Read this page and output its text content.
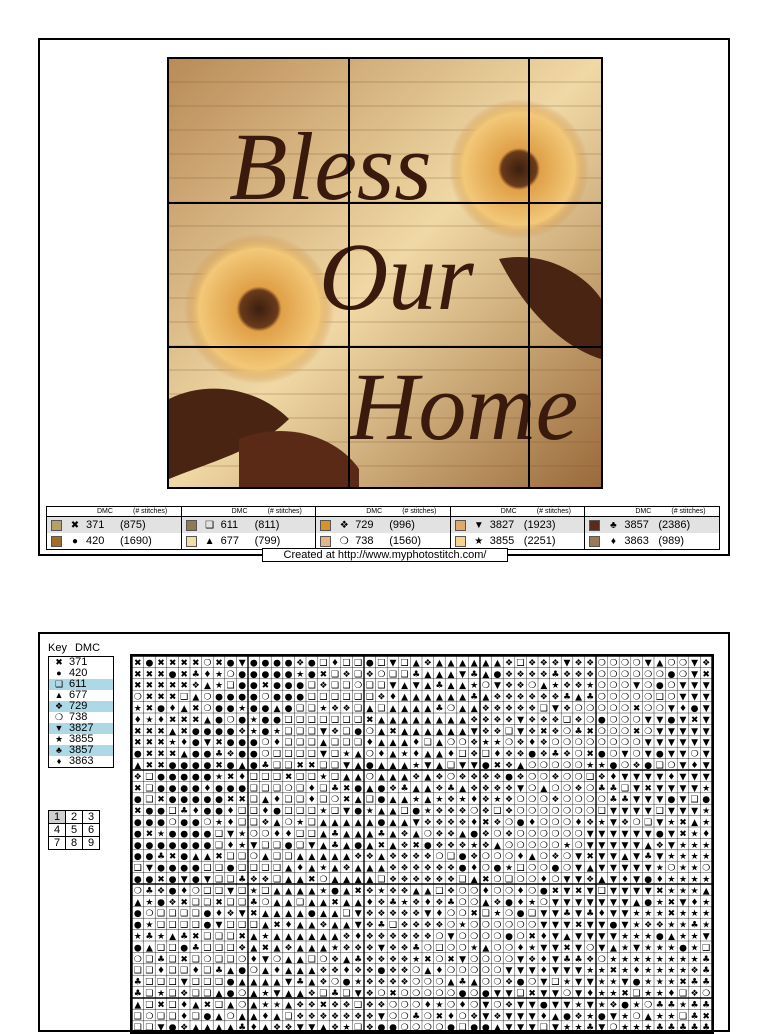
Bless
Our
Home
DMC	(# stitches)
✖ 371	(875)
● 420	(1690)
DMC	(# stitches)
❑ 611	(811)
▲ 677	(799)
DMC	(# stitches)
❖ 729	(996)
❍ 738	(1560)
DMC	(# stitches)
▼ 3827 (1923)
★ 3855 (2251)
DMC	(# stitches)
♣ 3857 (2386)
♦ 3863 (989)
Created at http://www.myphotostitch.com/
Key DMC
✖ 371
● 420
❑ 611
▲ 677
❖ 729
❍ 738
▼ 3827
★ 3855
♣ 3857
♦ 3863
1	2	3
4	5	6
7	8	9
✖ ● ✖ ✖ ✖ ✖ ❍ ✖ ● ▼ ● ● ● ● ❖ ● ❑ ♦ ❑ ❑ ● ❑ ▼ ❑ ▲ ❖ ▲ ▲ ▲ ▲ ▲ ▲ ❖ ❑ ❖ ❖ ❖ ▼ ❖ ❖ ❍ ❍ ❍ ❍ ▼ ▲ ❍ ❍ ▼ ❖
✖ ✖ ✖ ● ✖ ♣ ♦ ★ ❍ ● ● ● ● ● ★ ● ✖ ❑ ❖ ❑ ❖ ❍ ❑ ❑ ♣ ▲ ▲ ▲ ▼ ♣ ▲ ● ❖ ❖ ❖ ❖ ♣ ❖ ❖ ❖ ❍ ❍ ❍ ❍ ❍ ❍ ● ❍ ▼ ✖
✖ ✖ ✖ ✖ ✖ ❖ ▲ ★ ❑ ● ● ✖ ● ● ● ❑ ❖ ❑ ❑ ❍ ❑ ❑ ▼ ▲ ▼ ▲ ♣ ▲ ▲ ★ ❍ ▼ ❖ ❖ ❍ ▲ ★ ❖ ❖ ★ ❍ ❍ ❍ ▼ ❍ ● ❍ ▼ ▼ ▼
❍ ✖ ✖ ✖ ❑ ▲ ❍ ● ● ● ● ❍ ● ● ● ❑ ❑ ❑ ❑ ❑ ❑ ❖ ♦ ▲ ▲ ▲ ▲ ▲ ▲ ♣ ▲ ❖ ❖ ❖ ❖ ❖ ❖ ♣ ▲ ♣ ❍ ❍ ❍ ❍ ❍ ❑ ❍ ▼ ▼ ▼
★ ✖ ● ♦ ▲ ✖ ❍ ● ● ★ ● ● ▲ ● ❑ ❑ ★ ❖ ❖ ❑ ▲ ❑ ▲ ▲ ▲ ▲ ♣ ❍ ▲ ▲ ❖ ❖ ❖ ❖ ❖ ❑ ▼ ❖ ❍ ❍ ❍ ❍ ❍ ✖ ❍ ❍ ▼ ♦ ● ▼
♦ ★ ♦ ✖ ✖ ✖ ▲ ● ❍ ● ★ ● ● ❑ ❑ ❑ ❑ ❑ ❑ ❑ ✖ ▲ ▲ ▲ ▲ ▲ ▲ ▲ ▲ ❖ ❖ ❖ ❖ ▼ ❖ ❖ ❖ ❑ ❖ ❍ ● ❍ ❍ ❍ ▼ ▼ ● ▼ ✖ ▼
✖ ✖ ✖ ▲ ✖ ● ● ● ● ❖ ★ ● ★ ❑ ❑ ❑ ▼ ❖ ❑ ● ❍ ▲ ✖ ▲ ▲ ▲ ▲ ▲ ▲ ▼ ❖ ❖ ❑ ▼ ❖ ✖ ❖ ❍ ♣ ✖ ❍ ❍ ❍ ✖ ❍ ▼ ▼ ▼ ▼ ▼
✖ ✖ ✖ ★ ♦ ● ▼ ✖ ● ● ● ❍ ♦ ❑ ❑ ❑ ▲ ❑ ❑ ❑ ♦ ▲ ▲ ▲ ♦ ❑ ▲ ❍ ❍ ❖ ★ ★ ❍ ❖ ♦ ❖ ❍ ❍ ❍ ❍ ❍ ❍ ❍ ❍ ▼ ▼ ▼ ▼ ▼ ▼
● ✖ ✖ ✖ ▲ ● ● ♣ ❖ ● ● ❍ ❑ ❑ ❑ ❑ ▼ ❑ ★ ▲ ❍ ♦ ▲ ★ ♦ ▲ ▲ ♦ ❑ ❖ ❑ ♦ ❖ ❖ ● ❖ ♣ ❖ ❍ ✖ ● ❍ ▼ ❍ ▼ ● ▼ ▼ ❍ ▼
▲ ✖ ✖ ● ● ● ● ✖ ● ▲ ● ♣ ❑ ❑ ✖ ✖ ❑ ❑ ▼ ▲ ● ▲ ▲ ▲ ★ ▼ ▲ ❑ ▼ ▼ ● ✖ ❖ ▲ ❍ ❍ ❍ ❍ ❍ ★ ★ ● ❍ ❖ ● ❑ ❍ ▼ ♦ ▼
❖ ❑ ● ● ● ● ● ★ ✖ ♦ ❑ ❑ ❑ ✖ ❑ ❑ ★ ❑ ▲ ▲ ❍ ▲ ▲ ▲ ❖ ▲ ❖ ❍ ❖ ❖ ❖ ❖ ● ❖ ❍ ❍ ❖ ❍ ❍ ❑ ❖ ♦ ▼ ▼ ▼ ▼ ♦ ▼ ▼ ▼
✖ ❑ ● ● ● ● ♦ ● ● ● ❑ ❑ ❑ ❍ ❑ ♦ ❑ ♣ ✖ ● ▲ ● ❖ ♣ ▲ ▲ ❖ ♣ ▲ ❖ ❖ ❖ ❖ ▼ ❍ ▲ ❍ ❍ ❖ ❍ ♣ ♣ ❑ ▼ ✖ ▼ ▼ ▼ ▼ ★
● ❑ ✖ ● ● ● ● ● ✖ ✖ ❑ ▲ ♦ ❑ ❑ ♦ ❑ ❍ ✖ ▲ ❑ ● ▲ ▲ ★ ▲ ★ ❖ ★ ♦ ❖ ★ ❖ ❍ ❍ ❍ ❖ ❍ ❍ ❍ ❍ ♣ ♣ ▼ ▼ ▼ ● ▼ ❑ ●
✖ ● ● ❑ ♣ ♦ ● ● ♦ ❑ ❑ ♦ ● ❑ ❑ ❑ ★ ❑ ▼ ● ★ ▲ ▲ ❑ ● ★ ❖ ❖ ❖ ❍ ❖ ❑ ❖ ❍ ❍ ❍ ❍ ❍ ❍ ❍ ❑ ▼ ▼ ▼ ▼ ❑ ▼ ▼ ▼ ★
● ● ● ❍ ● ● ❍ ★ ♦ ❑ ❑ ❖ ▲ ❍ ★ ❑ ▲ ▲ ▲ ▲ ▲ ● ▲ ▲ ▼ ❖ ❖ ❖ ❖ ♦ ✖ ❖ ❍ ● ♦ ❍ ❍ ❍ ♦ ❖ ★ ▼ ❖ ❍ ❑ ▼ ★ ✖ ▲ ★
● ✖ ★ ● ● ● ● ❑ ▼ ★ ❍ ❍ ♦ ♦ ❑ ❑ ▲ ♣ ▲ ▲ ▲ ♣ ▲ ❖ ▲ ❍ ❖ ❖ ▲ ● ❖ ❍ ❖ ❍ ❍ ❍ ❍ ❍ ❍ ▼ ▼ ▼ ▼ ▼ ▼ ● ▼ ✖ ★ ♦
● ● ● ● ● ● ● ❑ ♦ ★ ▼ ❑ ❑ ● ❑ ▼ ▲ ♣ ▲ ● ▲ ✖ ▲ ❖ ✖ ● ❖ ❖ ❖ ★ ❖ ▲ ❍ ❍ ❍ ❍ ❍ ★ ❍ ▼ ▼ ▼ ▼ ▼ ▲ ❖ ▼ ★ ★ ★
● ● ♣ ✖ ● ▲ ▲ ✖ ❑ ❑ ❍ ▲ ❑ ❑ ▲ ▲ ▲ ▲ ▲ ❖ ❖ ▲ ❖ ❖ ❖ ❖ ❍ ❑ ● ❖ ❍ ❍ ❍ ♦ ▲ ❍ ❖ ❍ ▼ ✖ ▼ ▼ ▲ ▼ ♣ ▼ ★ ★ ★ ★
❑ ▼ ● ● ● ● ❑ ❑ ● ❑ ❑ ❑ ❑ ▲ ♦ ▲ ★ ▲ ❖ ▲ ▲ ▲ ❖ ❖ ❖ ❖ ❖ ❖ ● ♦ ❍ ● ★ ❑ ❍ ❍ ● ❍ ▼ ▲ ▼ ▼ ▼ ▼ ▼ ★ ❍ ★ ★ ❍
● ● ✖ ● ▼ ● ▼ ❑ ❑ ♣ ❖ ❖ ❑ ▲ ▲ ✖ ❍ ▲ ▲ ▲ ▲ ❑ ❖ ❖ ❖ ❖ ❖ ❖ ❑ ▲ ✖ ❍ ❑ ❍ ❍ ♦ ❍ ▼ ▼ ❖ ▲ ▼ ♦ ▼ ● ♦ ★ ★ ★ ★
❍ ♣ ❖ ● ♦ ❍ ❑ ❑ ▼ ❑ ★ ❑ ▲ ▲ ▲ ▲ ★ ● ▲ ✖ ❖ ★ ❖ ❖ ▲ ▲ ❑ ❖ ❍ ❍ ♦ ❍ ❍ ♦ ❍ ● ✖ ▼ ✖ ▼ ❑ ▼ ▼ ▼ ▼ ✖ ★ ★ ★ ▲
▲ ★ ● ❖ ✖ ❑ ❑ ✖ ❑ ❑ ♣ ❍ ▲ ▲ ❑ ▲ ▲ ✖ ▲ ▲ ♦ ❖ ♣ ★ ❖ ♦ ❖ ♣ ❍ ❍ ▲ ❖ ● ♦ ★ ❍ ▼ ▼ ▼ ▼ ▼ ▼ ▼ ▲ ● ★ ✖ ▼ ♦ ★
● ❍ ❑ ❑ ❑ ❑ ● ♦ ❖ ▼ ✖ ▲ ▲ ▲ ▲ ● ▲ ▲ ❑ ▼ ❖ ❖ ❖ ❖ ❖ ▼ ♦ ❍ ❍ ✖ ❑ ★ ❍ ● ❑ ▼ ▼ ♣ ▼ ♣ ♦ ▼ ▼ ★ ★ ★ ✖ ★ ★ ★
● ★ ❑ ❑ ❑ ❑ ● ▼ ❑ ❑ ❑ ▲ ✖ ♦ ▲ ▲ ❖ ▲ ▲ ▼ ❖ ♣ ❑ ❖ ❖ ❖ ❖ ❍ ★ ❍ ❍ ❍ ❍ ❍ ❍ ▼ ▼ ▼ ✖ ▼ ▼ ● ▼ ★ ❖ ❖ ★ ★ ♣ ★
★ ♣ ★ ▲ ♣ ✖ ❑ ❑ ❑ ✖ ▲ ★ ▲ ▲ ▲ ▲ ▲ ▲ ❖ ♦ ❖ ❖ ❖ ❖ ❖ ❖ ❍ ▼ ❍ ❍ ❍ ❍ ● ❍ ✖ ♦ ▼ ▲ ▼ ▼ ▼ ▼ ★ ★ ★ ● ▲ ★ ★ ▼
● ▲ ❑ ❑ ● ♣ ❑ ❑ ❑ ❖ ▲ ✖ ▲ ❖ ▲ ▲ ▲ ★ ❖ ❖ ❖ ▼ ❖ ❖ ♣ ❍ ❑ ❍ ❍ ★ ▲ ❍ ❍ ♦ ★ ▼ ▼ ✖ ▼ ❍ ▼ ▲ ★ ▼ ★ ★ ★ ● ★ ❑
❍ ❑ ♣ ❑ ✖ ❑ ❍ ❑ ❑ ❍ ♦ ▼ ❍ ▲ ▲ ❑ ❍ ❖ ▲ ♣ ❖ ❖ ❖ ❖ ★ ✖ ❍ ✖ ▼ ❍ ❍ ❍ ❍ ▼ ❖ ♦ ▼ ♣ ♣ ❖ ❍ ★ ★ ★ ★ ★ ★ ★ ★ ♣
❑ ❑ ♦ ❑ ❑ ♦ ❑ ♣ ▲ ● ❍ ▲ ♦ ▲ ▲ ▲ ❖ ❖ ♦ ❖ ❖ ● ❖ ❖ ❍ ▲ ♦ ❍ ❍ ❍ ❍ ❍ ▼ ▼ ▼ ♦ ▼ ▼ ▼ ★ ★ ✖ ★ ♦ ★ ★ ★ ★ ❖ ♣
♣ ❑ ❑ ❑ ▼ ❑ ❑ ❑ ● ▲ ▲ ▲ ▲ ▼ ♣ ▲ ❖ ❍ ● ★ ❖ ❖ ❖ ❖ ❍ ❍ ❍ ▲ ♣ ▲ ❍ ❍ ❖ ● ❍ ▼ ❑ ★ ▼ ▼ ★ ★ ▼ ● ★ ★ ★ ✖ ♣ ♣
♣ ❑ ★ ❑ ❖ ❑ ❑ ▲ ● ❍ ▲ ★ ▼ ▲ ▲ ❖ ❑ ♣ ❑ ▼ ❖ ❍ ✖ ❍ ❍ ❍ ❍ ❍ ● ❍ ● ▼ ▼ ❑ ✖ ▼ ▼ ❍ ▼ ♦ ★ ★ ✖ ❑ ★ ★ ♦ ❑ ❖ ❍
▲ ❑ ✖ ❑ ♦ ▲ ✖ ❑ ▲ ❍ ▲ ★ ★ ▲ ❖ ❖ ✖ ❖ ❖ ❑ ❖ ❖ ❍ ❍ ❍ ♦ ★ ❍ ♦ ❍ ▼ ❍ ❖ ▼ ▼ ● ▼ ▼ ★ ▼ ★ ❖ ● ★ ❍ ♣ ♣ ★ ♣ ♣
❑ ❍ ❑ ❑ ♦ ❑ ● ▲ ❍ ▲ ▲ ♦ ▲ ❑ ❖ ❖ ❖ ❖ ❖ ❖ ❖ ▼ ❍ ❍ ♣ ❍ ✖ ♦ ❍ ❖ ▼ ❖ ▼ ▼ ▼ ♦ ▲ ● ❖ ★ ● ▼ ★ ❍ ▲ ★ ★ ❑ ♣ ✖
❑ ❑ ▼ ● ❖ ▲ ▲ ▲ ▲ ♣ ♦ ▲ ❖ ❖ ▼ ▼ ▲ ❖ ★ ❑ ❖ ● ● ❍ ❍ ❍ ❍ ● ❑ ● ● ▲ ▼ ▼ ▼ ❑ ▼ ★ ★ ♣ ▼ ❍ ★ ★ ★ ♣ ♣ ♣ ♣ ♣
